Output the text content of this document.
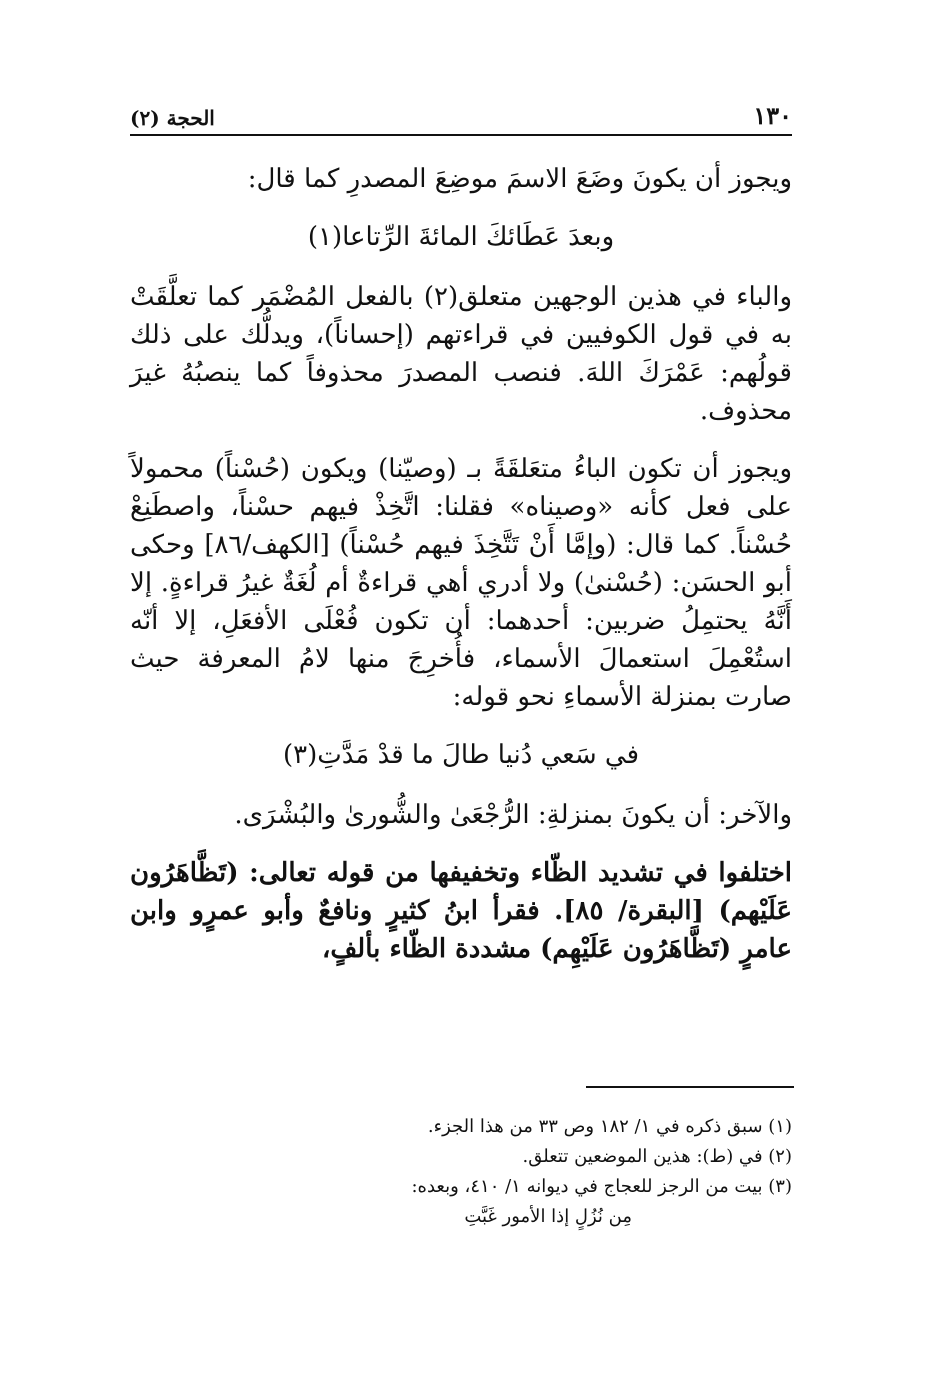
١٣٠
الحجة (٢)

ويجوز أن يكونَ وضَعَ الاسمَ موضِعَ المصدرِ كما قال:

وبعدَ عَطَائكَ المائةَ الرِّتاعا(١)

والباء في هذين الوجهين متعلق(٢) بالفعل المُضْمَر كما تعلَّقَتْ به في قول الكوفيين في قراءتهم (إحساناً)، ويدلُّك على ذلك قولُهم: عَمْرَكَ اللهَ. فنصب المصدرَ محذوفاً كما ينصبُهُ غيرَ محذوف.

ويجوز أن تكون الباءُ متعَلقَةً بـ (وصيّنا) ويكون (حُسْناً) محمولاً على فعل كأنه «وصيناه» فقلنا: اتَّخِذْ فيهم حسْناً، واصطَنِعْ حُسْناً. كما قال: (وإمَّا أَنْ تَتَّخِذَ فيهم حُسْناً) [الكهف/٨٦] وحكى أبو الحسَن: (حُسْنىٰ) ولا أدري أهي قراءةٌ أم لُغَةٌ غيرُ قراءةٍ. إلا أَنَّهُ يحتمِلُ ضربين: أحدهما: أن تكون فُعْلَى الأفعَلِ، إلا أنّه استُعْمِلَ استعمالَ الأسماء، فأُخرِجَ منها لامُ المعرفة حيث صارت بمنزلة الأسماءِ نحو قوله:

في سَعي دُنيا طالَ ما قدْ مَدَّتِ(٣)

والآخر: أن يكونَ بمنزلةِ: الرُّجْعَىٰ والشُّورىٰ والبُشْرَى.

اختلفوا في تشديد الظّاء وتخفيفها من قوله تعالى: (تَظَّاهَرُون عَلَيْهم) [البقرة/ ٨٥]. فقرأ ابنُ كثيرٍ ونافعٌ وأبو عمرٍو وابن عامرٍ (تَظَّاهَرُون عَلَيْهِم) مشددة الظّاء بألفٍ،

(١) سبق ذكره في ١/ ١٨٢ وص ٣٣ من هذا الجزء.

(٢) في (ط): هذين الموضعين تتعلق.

(٣) بيت من الرجز للعجاج في ديوانه ١/ ٤١٠، وبعده:

مِن نُزُلٍ إذا الأمور غَبَّتِ
